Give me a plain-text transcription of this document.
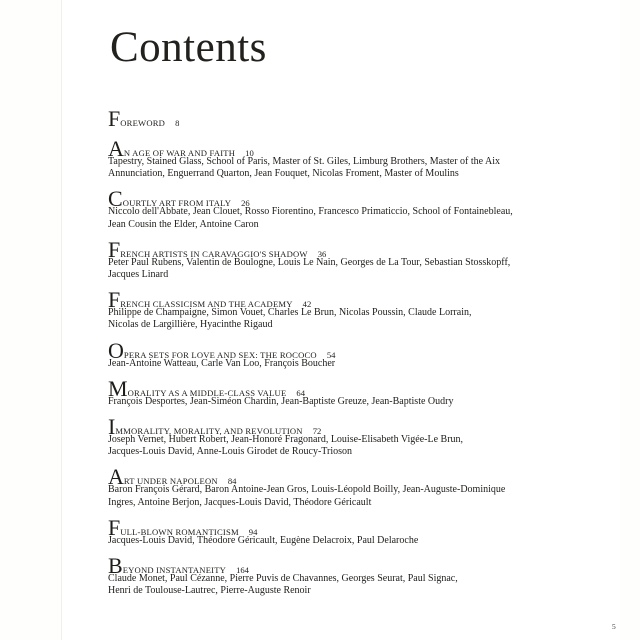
Contents
F OREWORD 8
A N AGE OF WAR AND FAITH 10
Tapestry, Stained Glass, School of Paris, Master of St. Giles, Limburg Brothers, Master of the Aix
Annunciation, Enguerrand Quarton, Jean Fouquet, Nicolas Froment, Master of Moulins
C OURTLY ART FROM ITALY 26
Niccolo dell'Abbate, Jean Clouet, Rosso Fiorentino, Francesco Primaticcio, School of Fontainebleau,
Jean Cousin the Elder, Antoine Caron
F RENCH ARTISTS IN CARAVAGGIO'S SHADOW 36
Peter Paul Rubens, Valentin de Boulogne, Louis Le Nain, Georges de La Tour, Sebastian Stosskopff,
Jacques Linard
F RENCH CLASSICISM AND THE ACADEMY 42
Philippe de Champaigne, Simon Vouet, Charles Le Brun, Nicolas Poussin, Claude Lorrain,
Nicolas de Largillière, Hyacinthe Rigaud
O PERA SETS FOR LOVE AND SEX: THE ROCOCO 54
Jean-Antoine Watteau, Carle Van Loo, François Boucher
M ORALITY AS A MIDDLE-CLASS VALUE 64
François Desportes, Jean-Siméon Chardin, Jean-Baptiste Greuze, Jean-Baptiste Oudry
I MMORALITY, MORALITY, AND REVOLUTION 72
Joseph Vernet, Hubert Robert, Jean-Honoré Fragonard, Louise-Elisabeth Vigée-Le Brun,
Jacques-Louis David, Anne-Louis Girodet de Roucy-Trioson
A RT UNDER NAPOLEON 84
Baron François Gérard, Baron Antoine-Jean Gros, Louis-Léopold Boilly, Jean-Auguste-Dominique
Ingres, Antoine Berjon, Jacques-Louis David, Théodore Géricault
F ULL-BLOWN ROMANTICISM 94
Jacques-Louis David, Théodore Géricault, Eugène Delacroix, Paul Delaroche
B EYOND INSTANTANEITY 164
Claude Monet, Paul Cézanne, Pierre Puvis de Chavannes, Georges Seurat, Paul Signac,
Henri de Toulouse-Lautrec, Pierre-Auguste Renoir
5
